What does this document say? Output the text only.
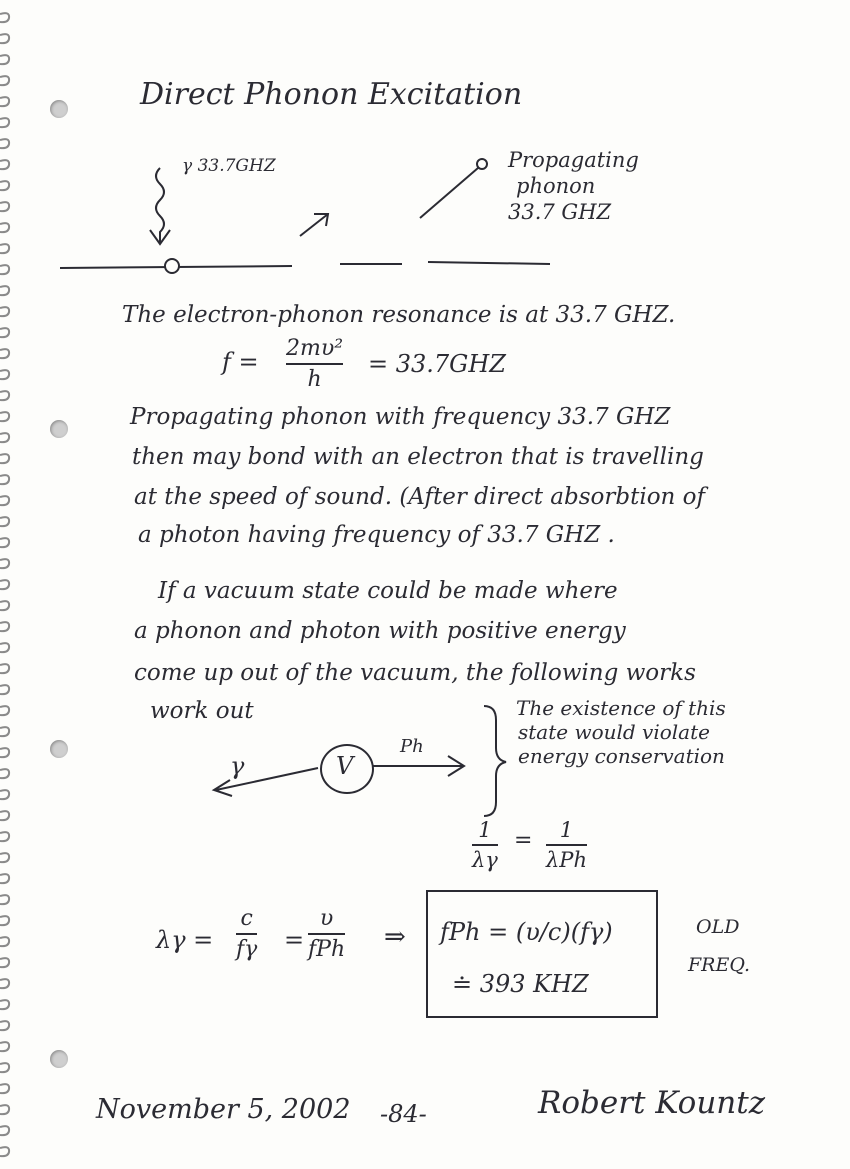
Direct Phonon Excitation
γ 33.7GHZ	Propagating
phonon
33.7 GHZ
The electron-phonon resonance is at 33.7 GHZ.
f = 2mυ²
h
= 33.7GHZ
Propagating phonon with frequency 33.7 GHZ
then may bond with an electron that is travelling
at the speed of sound. (After direct absorbtion of
a photon having frequency of 33.7 GHZ .
If a vacuum state could be made where
a phonon and photon with positive energy
come up out of the vacuum, the following works
work out
V
γ
Ph
The existence of this
state would violate
energy conservation
1
λγ
= 1
λPh
λγ =
c
fγ =
υ
fPh ⇒ fPh = (υ/c)(fγ)
≐ 393 KHZ
OLD
FREQ.
November 5, 2002 -84-	Robert Kountz
